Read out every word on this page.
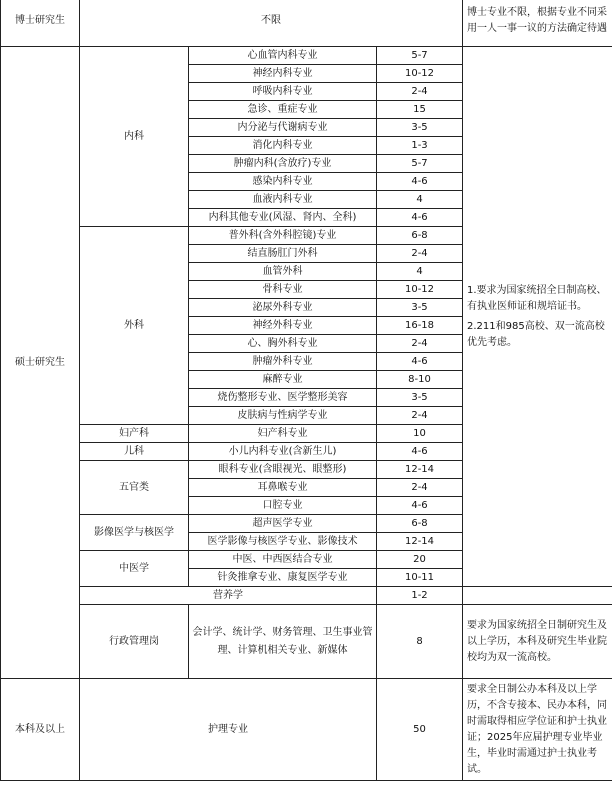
博士研究生	不限			博士专业不限，根据专业不同采用一人一事一议的方法确定待遇
硕士研究生	内科	心血管内科专业	5-7	1.要求为国家统招全日制高校、有执业医师证和规培证书。
2.211和985高校、双一流高校优先考虑。

		神经内科专业	10-12	
		呼吸内科专业	2-4	
		急诊、重症专业	15	
		内分泌与代谢病专业	3-5	
		消化内科专业	1-3	
		肿瘤内科(含放疗)专业	5-7	
		感染内科专业	4-6	
		血液内科专业	4	
		内科其他专业(风湿、肾内、全科)	4-6	
	外科	普外科(含外科腔镜)专业	6-8	
		结直肠肛门外科	2-4	
		血管外科	4	
		骨科专业	10-12	
		泌尿外科专业	3-5	
		神经外科专业	16-18	
		心、胸外科专业	2-4	
		肿瘤外科专业	4-6	
		麻醉专业	8-10	
		烧伤整形专业、医学整形美容	3-5	
		皮肤病与性病学专业	2-4	
	妇产科	妇产科专业	10	
	儿科	小儿内科专业(含新生儿)	4-6	
	五官类	眼科专业(含眼视光、眼整形)	12-14	
		耳鼻喉专业	2-4	
		口腔专业	4-6	
	影像医学与核医学	超声医学专业	6-8	
		医学影像与核医学专业、影像技术	12-14	
	中医学	中医、中西医结合专业	20	
		针灸推拿专业、康复医学专业	10-11	
	营养学		1-2	
	行政管理岗	会计学、统计学、财务管理、卫生事业管理、计算机相关专业、新媒体	8	要求为国家统招全日制研究生及以上学历，本科及研究生毕业院校均为双一流高校。
本科及以上	护理专业		50	要求全日制公办本科及以上学历，不含专接本、民办本科，同时需取得相应学位证和护士执业证；2025年应届护理专业毕业生，毕业时需通过护士执业考试。
